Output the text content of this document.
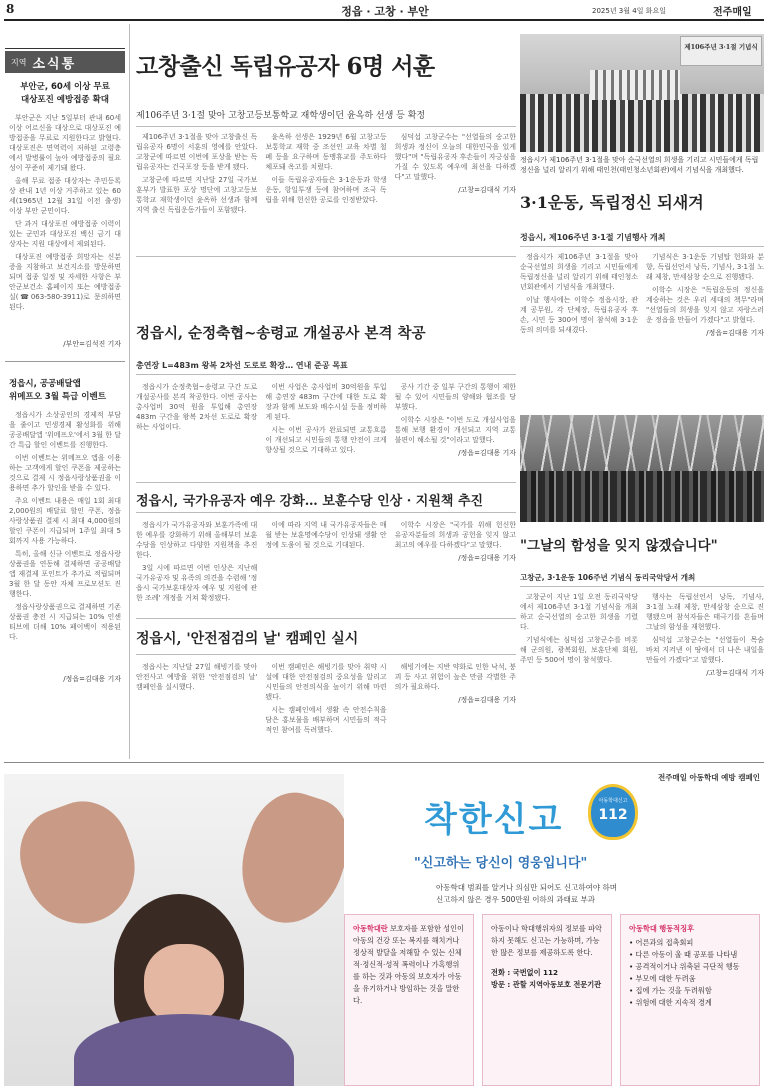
8	정읍 · 고창 · 부안	2025년 3월 4일 화요일	전주매일
지역 소식통
부안군, 60세 이상 무료
대상포진 예방접종 확대

부안군은 지난 5일부터 관내 60세 이상 어르신을 대상으로 대상포진 예방접종을 무료로 지원한다고 밝혔다. 대상포진은 면역력이 저하된 고령층에서 발병률이 높아 예방접종의 필요성이 꾸준히 제기돼 왔다.

올해 무료 접종 대상자는 주민등록상 관내 1년 이상 거주하고 있는 60세(1965년 12월 31일 이전 출생) 이상 부안 군민이다.

단 과거 대상포진 예방접종 이력이 있는 군민과 대상포진 백신 금기 대상자는 지원 대상에서 제외된다.

대상포진 예방접종 희망자는 신분증을 지참하고 보건지소를 방문하면 되며 접종 일정 및 자세한 사항은 부안군보건소 홈페이지 또는 예방접종실(☎063-580-3911)로 문의하면 된다.

/부안=김석진 기자
정읍시, 공공배달앱
위메프오 3월 특급 이벤트

정읍시가 소상공인의 경제적 부담을 줄이고 민생경제 활성화를 위해 공공배달앱 '위메프오'에서 3월 한 달간 특급 할인 이벤트를 진행한다.

이번 이벤트는 위메프오 앱을 이용하는 고객에게 할인 쿠폰을 제공하는 것으로 결제 시 정읍사랑상품권을 이용하면 추가 할인을 받을 수 있다.

주요 이벤트 내용은 매일 1회 최대 2,000원의 배달료 할인 쿠폰, 정읍사랑상품권 결제 시 최대 4,000원의 할인 쿠폰이 지급되며 1주일 최대 5회까지 사용 가능하다.

특히, 올해 신규 이벤트로 정읍사랑상품권을 연동해 결제하면 공공배달앱 재결제 포인트가 추가로 적립되며 3월 한 달 동안 자체 프로모션도 진행한다.

정읍사랑상품권으로 결제하면 기존 상품권 충전 시 지급되는 10% 인센티브에 더해 10% 페이백이 적용된다.

/정읍=김대용 기자
고창출신 독립유공자 6명 서훈
제106주년 3·1절 맞아 고창고등보통학교 재학생이던 윤옥하 선생 등 확정

제106주년 3·1절을 맞아 고창출신 독립유공자 6명이 서훈의 영예를 안았다. 고창군에 따르면 이번에 포상을 받는 독립유공자는 건국포장 등을 받게 됐다.

고창군에 따르면 지난달 27일 국가보훈부가 발표한 포상 명단에 고창고등보통학교 재학생이던 윤옥하 선생과 함께 지역 출신 독립운동가들이 포함됐다.

윤옥하 선생은 1929년 6월 고창고등보통학교 재학 중 조선인 교육 차별 철폐 등을 요구하며 동맹휴교를 주도하다 체포돼 옥고를 치렀다.

이들 독립유공자들은 3·1운동과 학생운동, 항일투쟁 등에 참여하며 조국 독립을 위해 헌신한 공로를 인정받았다.

심덕섭 고창군수는 "선열들의 숭고한 희생과 정신이 오늘의 대한민국을 있게 했다"며 "독립유공자 후손들이 자긍심을 가질 수 있도록 예우에 최선을 다하겠다"고 말했다.

/고창=김대식 기자
제106주년 3·1절 기념식
정읍시가 제106주년 3·1절을 맞아 순국선열의 희생을 기리고 시민들에게 독립정신을 널리 알리기 위해 태인천(태인청소년회관)에서 기념식을 개최했다.
3·1운동, 독립정신 되새겨
정읍시, 제106주년 3·1절 기념행사 개최

정읍시가 제106주년 3·1절을 맞아 순국선열의 희생을 기리고 시민들에게 독립정신을 널리 알리기 위해 태인청소년회관에서 기념식을 개최했다.

이날 행사에는 이학수 정읍시장, 관계 공무원, 각 단체장, 독립유공자 후손, 시민 등 300여 명이 참석해 3·1운동의 의미를 되새겼다.

기념식은 3·1운동 기념탑 헌화와 분향, 독립선언서 낭독, 기념사, 3·1절 노래 제창, 만세삼창 순으로 진행됐다.

이학수 시장은 "독립운동의 정신을 계승하는 것은 우리 세대의 책무"라며 "선열들의 희생을 잊지 않고 자랑스러운 정읍을 만들어 가겠다"고 밝혔다.

/정읍=김대용 기자
정읍시, 순정축협~송령교 개설공사 본격 착공
총연장 L=483m 왕복 2차선 도로로 확장… 연내 준공 목표

정읍시가 순정축협~송령교 구간 도로 개설공사를 본격 착공한다. 이번 공사는 총사업비 30억 원을 투입해 총연장 483m 구간을 왕복 2차선 도로로 확장하는 사업이다.

이번 사업은 총사업비 30억원을 투입해 총연장 483m 구간에 대한 도로 확장과 함께 보도와 배수시설 등을 정비하게 된다.

시는 이번 공사가 완료되면 교통흐름이 개선되고 시민들의 통행 안전이 크게 향상될 것으로 기대하고 있다.

공사 기간 중 일부 구간의 통행이 제한될 수 있어 시민들의 양해와 협조를 당부했다.

이학수 시장은 "이번 도로 개설사업을 통해 보행 환경이 개선되고 지역 교통 불편이 해소될 것"이라고 말했다.

/정읍=김대용 기자
정읍시, 국가유공자 예우 강화… 보훈수당 인상 · 지원책 추진

정읍시가 국가유공자와 보훈가족에 대한 예우를 강화하기 위해 올해부터 보훈수당을 인상하고 다양한 지원책을 추진한다.

3일 시에 따르면 이번 인상은 지난해 국가유공자 및 유족의 의견을 수렴해 '정읍시 국가보훈대상자 예우 및 지원에 관한 조례' 개정을 거쳐 확정됐다.

이에 따라 지역 내 국가유공자들은 매월 받는 보훈명예수당이 인상돼 생활 안정에 도움이 될 것으로 기대된다.

이학수 시장은 "국가를 위해 헌신한 유공자분들의 희생과 공헌을 잊지 않고 최고의 예우를 다하겠다"고 말했다.

/정읍=김대용 기자
"그날의 함성을 잊지 않겠습니다"
고창군, 3·1운동 106주년 기념식 동리국악당서 개최

고창군이 지난 1일 오전 동리국악당에서 제106주년 3·1절 기념식을 개최하고 순국선열의 숭고한 희생을 기렸다.

기념식에는 심덕섭 고창군수를 비롯해 군의원, 광복회원, 보훈단체 회원, 주민 등 500여 명이 참석했다.

행사는 독립선언서 낭독, 기념사, 3·1절 노래 제창, 만세삼창 순으로 진행됐으며 참석자들은 태극기를 흔들며 그날의 함성을 재현했다.

심덕섭 고창군수는 "선열들이 목숨 바쳐 지켜낸 이 땅에서 더 나은 내일을 만들어 가겠다"고 말했다.

/고창=김대식 기자
정읍시, '안전점검의 날' 캠페인 실시

정읍시는 지난달 27일 해빙기를 맞아 안전사고 예방을 위한 '안전점검의 날' 캠페인을 실시했다.

이번 캠페인은 해빙기를 맞아 취약 시설에 대한 안전점검의 중요성을 알리고 시민들의 안전의식을 높이기 위해 마련됐다.

시는 캠페인에서 생활 속 안전수칙을 담은 홍보물을 배부하며 시민들의 적극적인 참여를 독려했다.

해빙기에는 지반 약화로 인한 낙석, 붕괴 등 사고 위험이 높은 만큼 각별한 주의가 필요하다.

/정읍=김대용 기자
전주매일 아동학대 예방 캠페인
착한신고	아동학대신고
112
"신고하는 당신이 영웅입니다"
아동학대 범죄를 알거나 의심만 되어도 신고하여야 하며
신고하지 않은 경우 500만원 이하의 과태료 부과
아동학대란 보호자를 포함한 성인이 아동의 건강 또는 복지를 해치거나 정상적 발달을 저해할 수 있는 신체적·정신적·성적 폭력이나 가혹행위를 하는 것과 아동의 보호자가 아동을 유기하거나 방임하는 것을 말한다.
아동이나 학대행위자의 정보를 파악하지 못해도 신고는 가능하며, 가능한 많은 정보를 제공하도록 한다.
전화 : 국번없이 112
방문 : 관할 지역아동보호 전문기관
아동학대 행동적징후
• 어른과의 접촉회피
• 다른 아동이 울 때 공포를 나타냄
• 공격적이거나 위축된 극단적 행동
• 부모에 대한 두려움
• 집에 가는 것을 두려워함
• 위험에 대한 지속적 경계
